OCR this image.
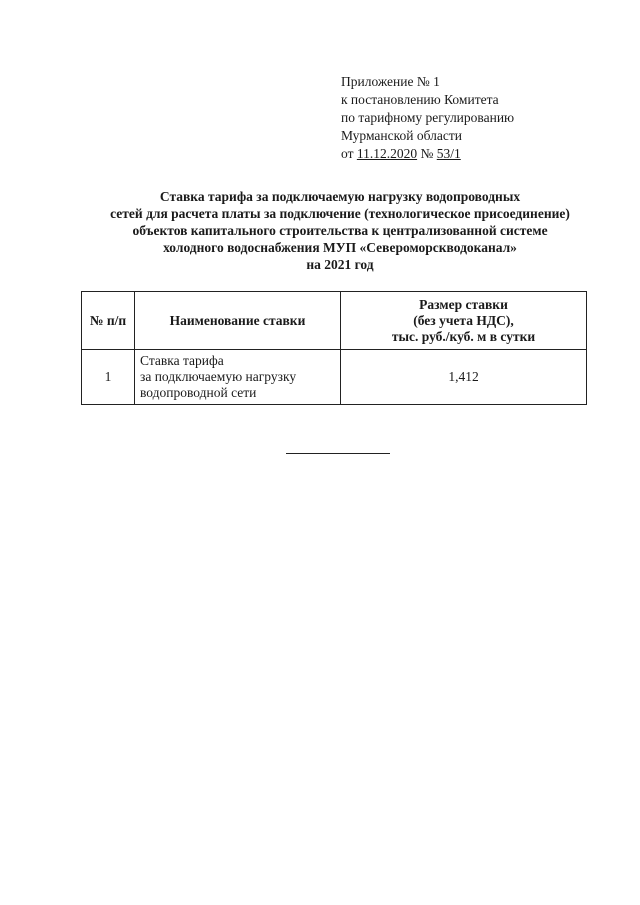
Приложение № 1
к постановлению Комитета
по тарифному регулированию
Мурманской области
от 11.12.2020 № 53/1
Ставка тарифа за подключаемую нагрузку водопроводных
сетей для расчета платы за подключение (технологическое присоединение)
объектов капитального строительства к централизованной системе
холодного водоснабжения МУП «Североморскводоканал»
на 2021 год
№ п/п	Наименование ставки	Размер ставки
(без учета НДС),
тыс. руб./куб. м в сутки

1	Ставка тарифа
за подключаемую нагрузку
водопроводной сети	1,412
